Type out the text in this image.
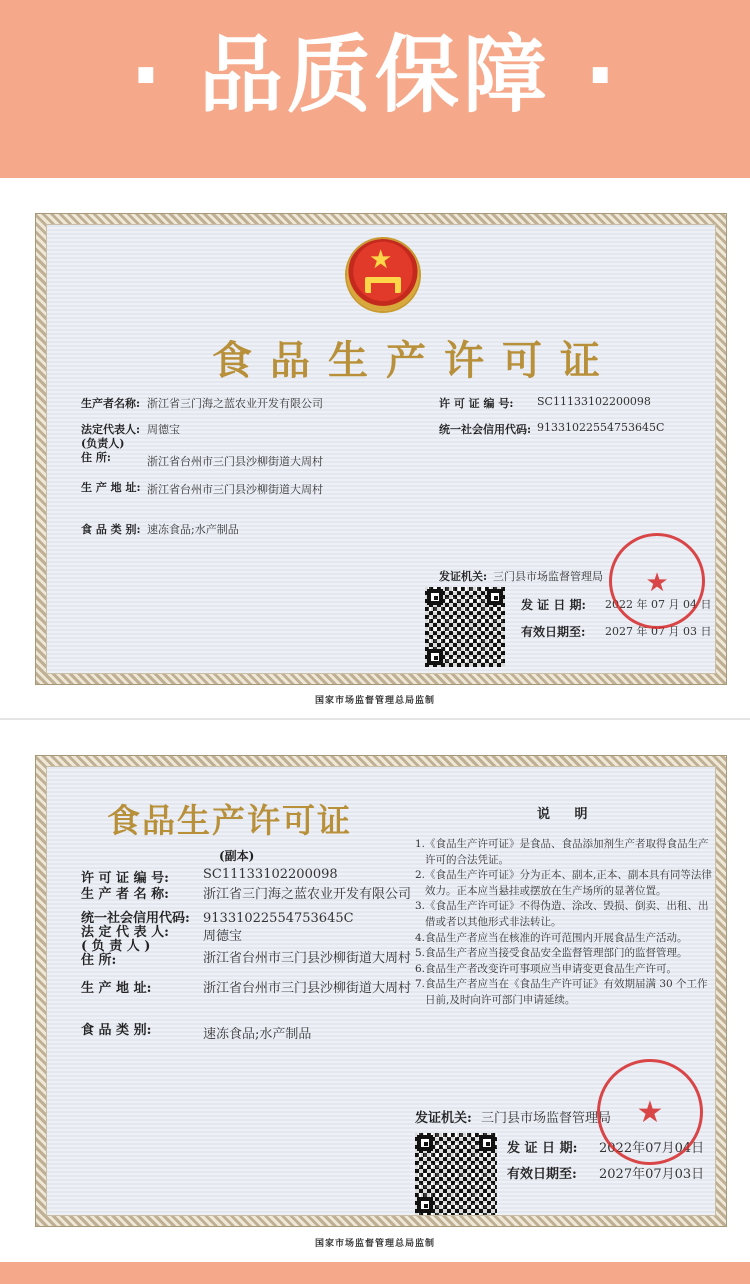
· 品质保障 ·
★
食品生产许可证
生产者名称: 浙江省三门海之蓝农业开发有限公司	许 可 证 编 号: SC11133102200098
法定代表人: 周德宝
(负责人)
统一社会信用代码: 91331022554753645C
住 所:	浙江省台州市三门县沙柳街道大周村
生 产 地 址: 浙江省台州市三门县沙柳街道大周村
食 品 类 别: 速冻食品;水产制品
发证机关: 三门县市场监督管理局
发 证 日 期: 2022 年 07 月 04 日
有效日期至: 2027 年 07 月 03 日
★
国家市场监督管理总局监制
食品生产许可证
(副本)
许 可 证 编 号:	SC11133102200098
生 产 者 名 称:	浙江省三门海之蓝农业开发有限公司
统一社会信用代码: 91331022554753645C
法 定 代 表 人:	周德宝
( 负 责 人 )
住 所:	浙江省台州市三门县沙柳街道大周村
生 产 地 址:	浙江省台州市三门县沙柳街道大周村
食 品 类 别:	速冻食品;水产制品
说 明
1.《食品生产许可证》是食品、食品添加剂生产者取得食品生产许可的合法凭证。
2.《食品生产许可证》分为正本、副本,正本、副本具有同等法律效力。正本应当悬挂或摆放在生产场所的显著位置。
3.《食品生产许可证》不得伪造、涂改、毁损、倒卖、出租、出借或者以其他形式非法转让。
4.食品生产者应当在核准的许可范围内开展食品生产活动。
5.食品生产者应当接受食品安全监督管理部门的监督管理。
6.食品生产者改变许可事项应当申请变更食品生产许可。
7.食品生产者应当在《食品生产许可证》有效期届满 30 个工作日前,及时向许可部门申请延续。
发证机关: 三门县市场监督管理局
发 证 日 期: 2022年07月04日
有效日期至: 2027年07月03日
★
国家市场监督管理总局监制
